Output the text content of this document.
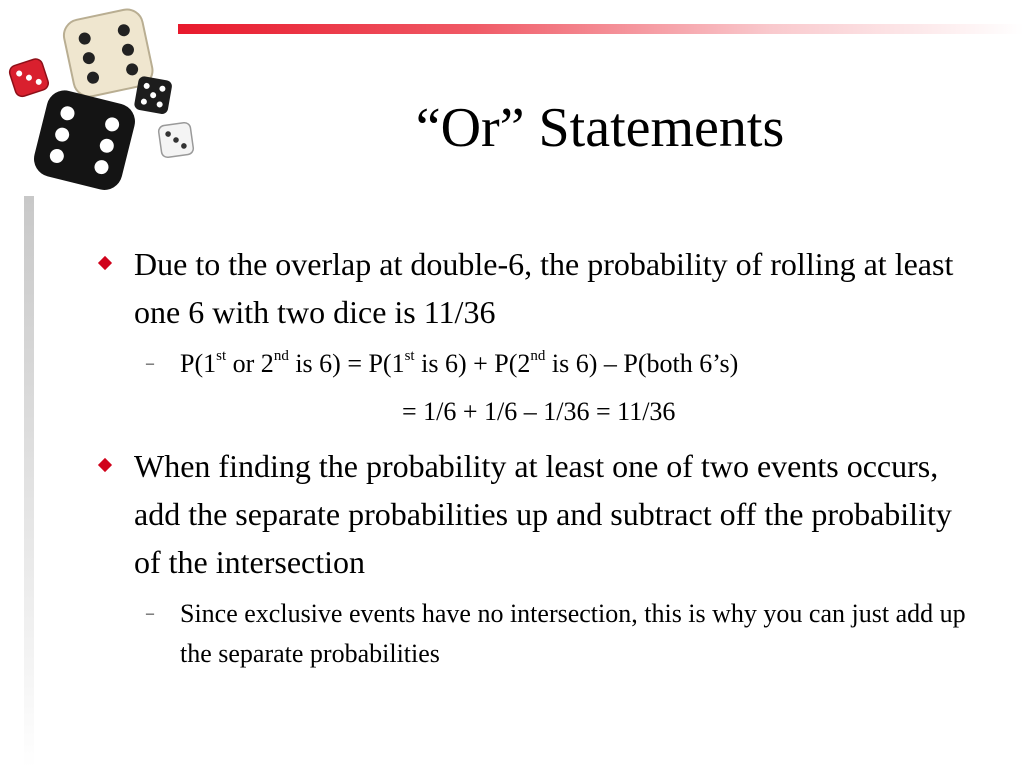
“Or” Statements
Due to the overlap at double-6, the probability of rolling at least one 6 with two dice is 11/36
– P(1st or 2nd is 6) = P(1st is 6) + P(2nd is 6) – P(both 6’s)
= 1/6 + 1/6 – 1/36 = 11/36
When finding the probability at least one of two events occurs, add the separate probabilities up and subtract off the probability of the intersection
– Since exclusive events have no intersection, this is why you can just add up the separate probabilities
